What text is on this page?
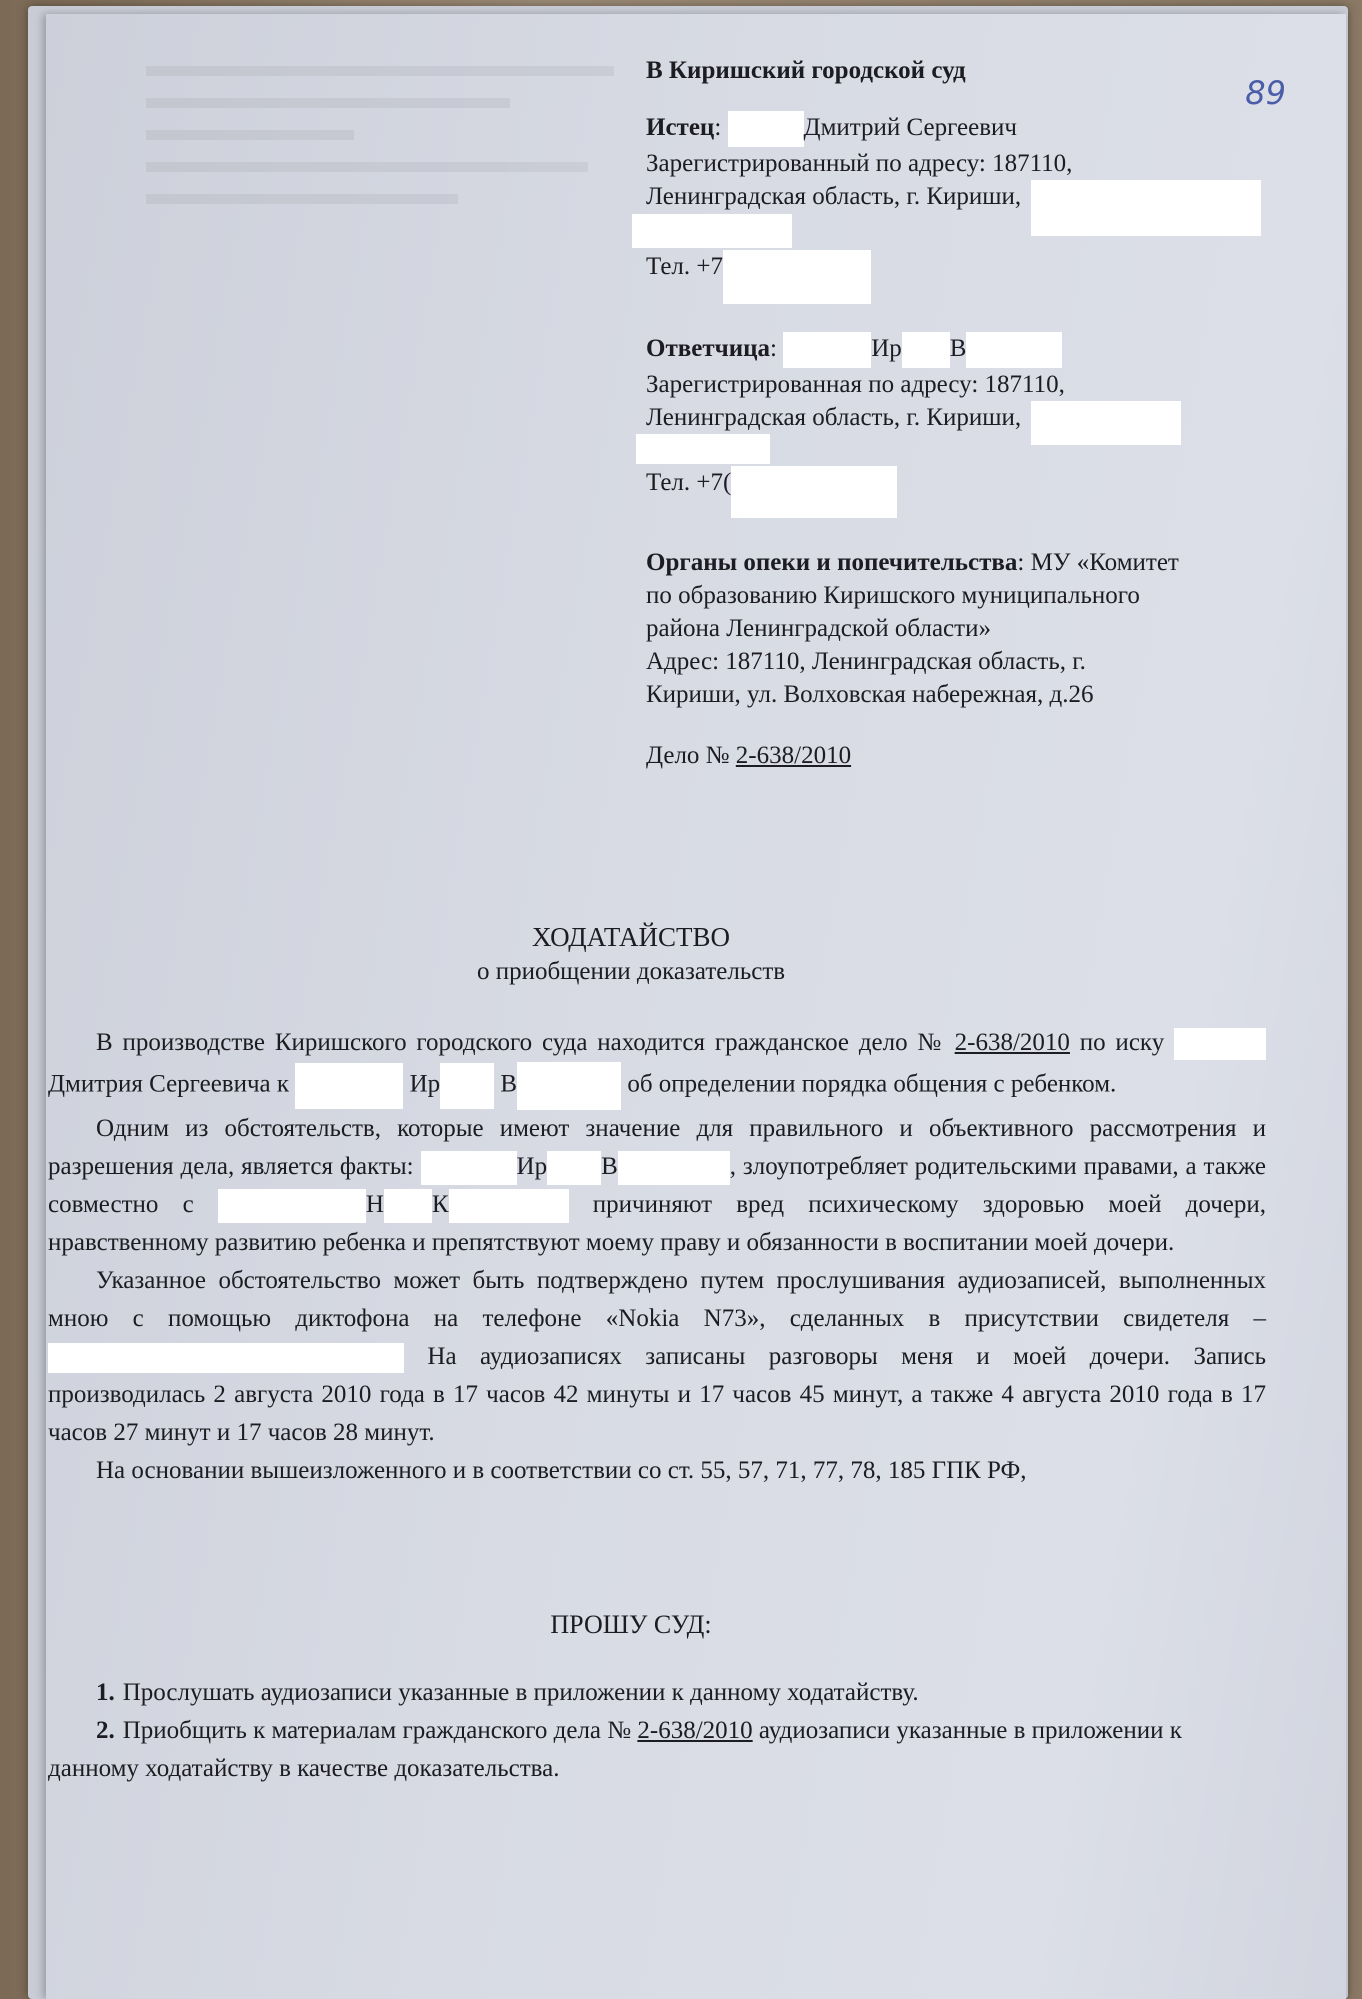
89

В Киришский городской суд

Истец:	Дмитрий Сергеевич

Зарегистрированный по адресу: 187110,

Ленинградская область, г. Кириши,

Тел. +7

Ответчица:	Ир В

Зарегистрированная по адресу: 187110,

Ленинградская область, г. Кириши,

Тел. +7(

Органы опеки и попечительства: МУ «Комитет

по образованию Киришского муниципального

района Ленинградской области»

Адрес: 187110, Ленинградская область, г.

Кириши, ул. Волховская набережная, д.26

Дело № 2-638/2010

ХОДАТАЙСТВО
о приобщении доказательств

В производстве Киришского городского суда находится гражданское дело № 2-638/2010 по иску Дмитрия Сергеевича к	Ир В	об определении порядка общения с ребенком.

Одним из обстоятельств, которые имеют значение для правильного и объективного рассмотрения и разрешения дела, является факты:	Ир В	, злоупотребляет родительскими правами, а также совместно с	Н К	причиняют вред психическому здоровью моей дочери, нравственному развитию ребенка и препятствуют моему праву и обязанности в воспитании моей дочери.

Указанное обстоятельство может быть подтверждено путем прослушивания аудиозаписей, выполненных мною с помощью диктофона на телефоне «Nokia N73», сделанных в присутствии свидетеля –  На аудиозаписях записаны разговоры меня и моей дочери. Запись производилась 2 августа 2010 года в 17 часов 42 минуты и 17 часов 45 минут, а также 4 августа 2010 года в 17 часов 27 минут и 17 часов 28 минут.

На основании вышеизложенного и в соответствии со ст. 55, 57, 71, 77, 78, 185 ГПК РФ,

ПРОШУ СУД:

1. Прослушать аудиозаписи указанные в приложении к данному ходатайству.

2. Приобщить к материалам гражданского дела № 2-638/2010 аудиозаписи указанные в приложении к данному ходатайству в качестве доказательства.
